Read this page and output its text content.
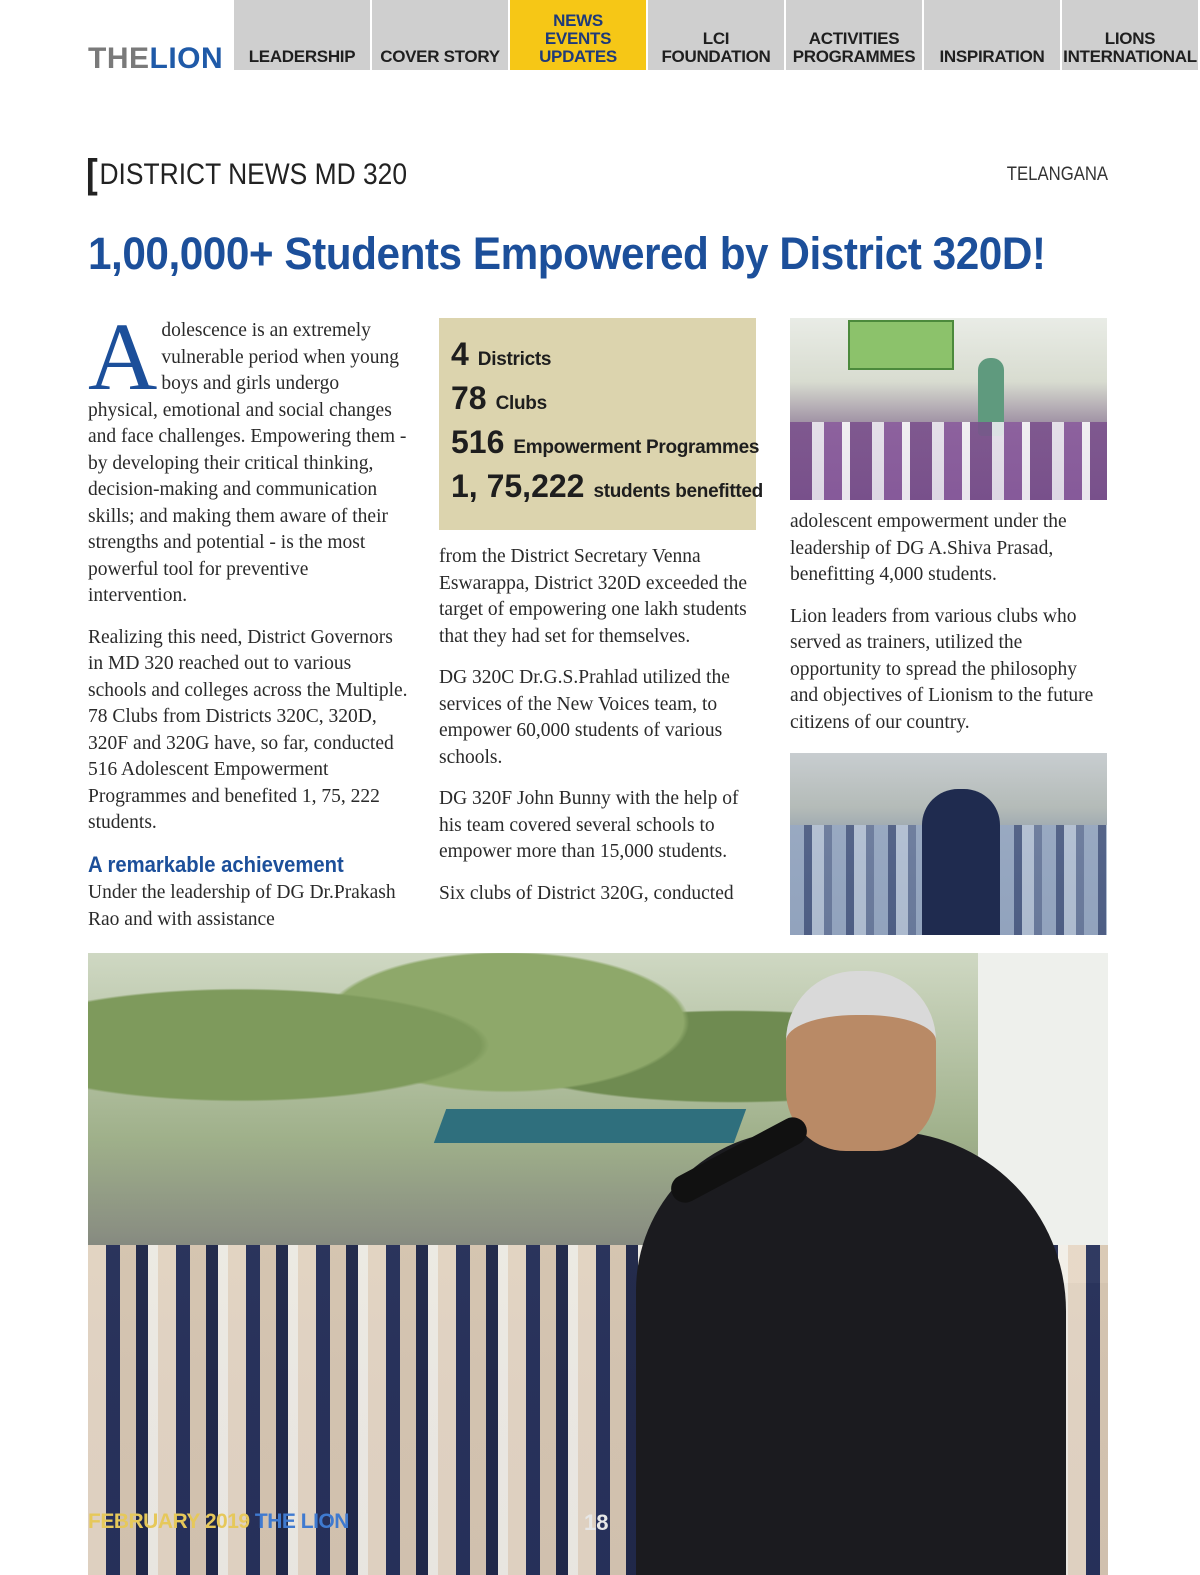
THELION	LEADERSHIP	COVER STORY
NEWS
EVENTS
UPDATES
LCI
FOUNDATION
ACTIVITIES
PROGRAMMES	INSPIRATION
LIONS
INTERNATIONAL
[DISTRICT NEWS MD 320	TELANGANA
1,00,000+ Students Empowered by District 320D!
Adolescence is an extremely vulnerable period when young boys and girls undergo physical, emotional and social changes and face challenges. Empowering them - by developing their critical thinking, decision-making and communication skills; and making them aware of their strengths and potential - is the most powerful tool for preventive intervention.

Realizing this need, District Governors in MD 320 reached out to various schools and colleges across the Multiple. 78 Clubs from Districts 320C, 320D, 320F and 320G have, so far, conducted 516 Adolescent Empowerment Programmes and benefited 1, 75, 222 students.

A remarkable achievement

Under the leadership of DG Dr.Prakash Rao and with assistance

4 Districts
78 Clubs
516 Empowerment Programmes
1, 75,222 students benefitted

from the District Secretary Venna Eswarappa, District 320D exceeded the target of empowering one lakh students that they had set for themselves.

DG 320C Dr.G.S.Prahlad utilized the services of the New Voices team, to empower 60,000 students of various schools.

DG 320F John Bunny with the help of his team covered several schools to empower more than 15,000 students.

Six clubs of District 320G, conducted

adolescent empowerment under the leadership of DG A.Shiva Prasad, benefitting 4,000 students.

Lion leaders from various clubs who served as trainers, utilized the opportunity to spread the philosophy and objectives of Lionism to the future citizens of our country.

FEBRUARY 2019 THE LION	18
